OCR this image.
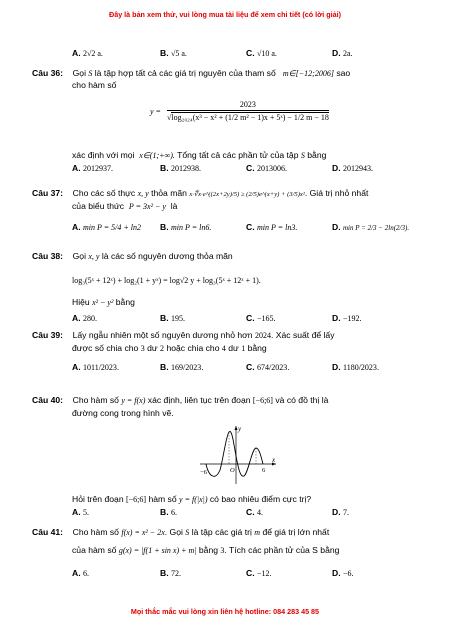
Đây là bản xem thử, vui lòng mua tài liệu để xem chi tiết (có lời giải)
A. 2√2 a.	B. √5 a.	C. √10 a.	D. 2a.
Câu 36: Gọi S là tập hợp tất cả các giá trị nguyên của tham số m∈[−12;2006] sao
cho hàm số
$y = \frac{2023}{\text{√log₂₀₂₄(x³ − x² + (1/2 m² − 1)x + 5ˣ) − 1/2 m − 18}}$
xác định với mọi x∈(1;+∞). Tổng tất cả các phần tử của tập S bằng
A. 2012937.	B. 2012938.	C. 2013006.	D. 2012943.
Câu 37: Cho các số thực x, y thỏa mãn x·∜x·e^((2x+2y)/5) ≥ (2/5)e^(x+y) + (3/5)x². Giá trị nhỏ nhất
của biểu thức P = 3x² − y là
A. min P = 5/4 + ln2 B. min P = ln6.	C. min P = ln3.	D. min P = 2/3 − 2ln(2/3).
Câu 38: Gọi x, y là các số nguyên dương thỏa mãn
log₃(5ˣ + 12ˣ) + log₂(1 + yˣ) = log√2 y + log₃(5ˣ + 12ˣ + 1).
Hiệu x² − y² bằng
A. 280.	B. 195.	C. −165.	D. −192.
Câu 39: Lấy ngẫu nhiên một số nguyên dương nhỏ hơn 2024. Xác suất để lấy
được số chia cho 3 dư 2 hoặc chia cho 4 dư 1 bằng
A. 1011/2023.	B. 169/2023.	C. 674/2023.	D. 1180/2023.
Câu 40: Cho hàm số y = f(x) xác định, liên tục trên đoạn [−6;6] và có đồ thị là
đường cong trong hình vẽ.
y
x
−6	O	6
Hỏi trên đoạn [−6;6] hàm số y = f(|x|) có bao nhiêu điểm cực trị?
A. 5.	B. 6.	C. 4.	D. 7.
Câu 41: Cho hàm số f(x) = x² − 2x. Gọi S là tập các giá trị m để giá trị lớn nhất
của hàm số g(x) = |f(1 + sin x) + m| bằng 3. Tích các phần tử của S bằng
A. 6.	B. 72.	C. −12.	D. −6.
Mọi thắc mắc vui lòng xin liên hệ hotline: 084 283 45 85
